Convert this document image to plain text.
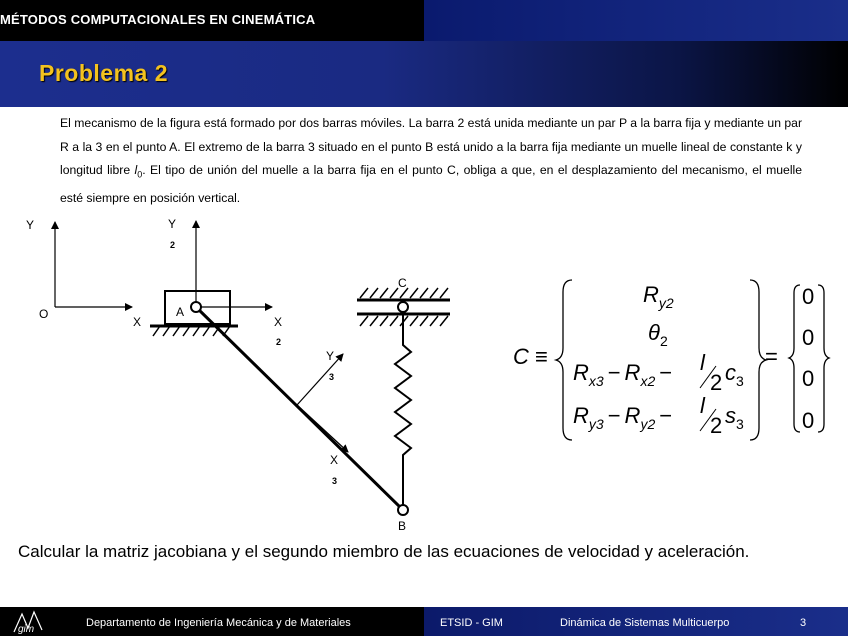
MÉTODOS COMPUTACIONALES EN CINEMÁTICA
Problema 2
El mecanismo de la figura está formado por dos barras móviles. La barra 2 está unida mediante un par P a la barra fija y mediante un par R a la 3 en el punto A. El extremo de la barra 3 situado en el punto B está unido a la barra fija mediante un muelle lineal de constante k y longitud libre $l_0$. El tipo de unión del muelle a la barra fija en el punto C, obliga a que, en el desplazamiento del mecanismo, el muelle esté siempre en posición vertical.
Y
O
X
Y
2
X
2
Y
3
X
3
A
C
B
C ≡
$R_{y2}$
$\theta_2$
$R_{x3} - R_{x2} - l$
2 $c_3$
$R_{y3} - R_{y2} - l$
2 $s_3$
=
0
0
0
0
Calcular la matriz jacobiana y el segundo miembro de las ecuaciones de velocidad y aceleración.
gim
Departamento de Ingeniería Mecánica y de Materiales	ETSID - GIM	Dinámica de Sistemas Multicuerpo	3
